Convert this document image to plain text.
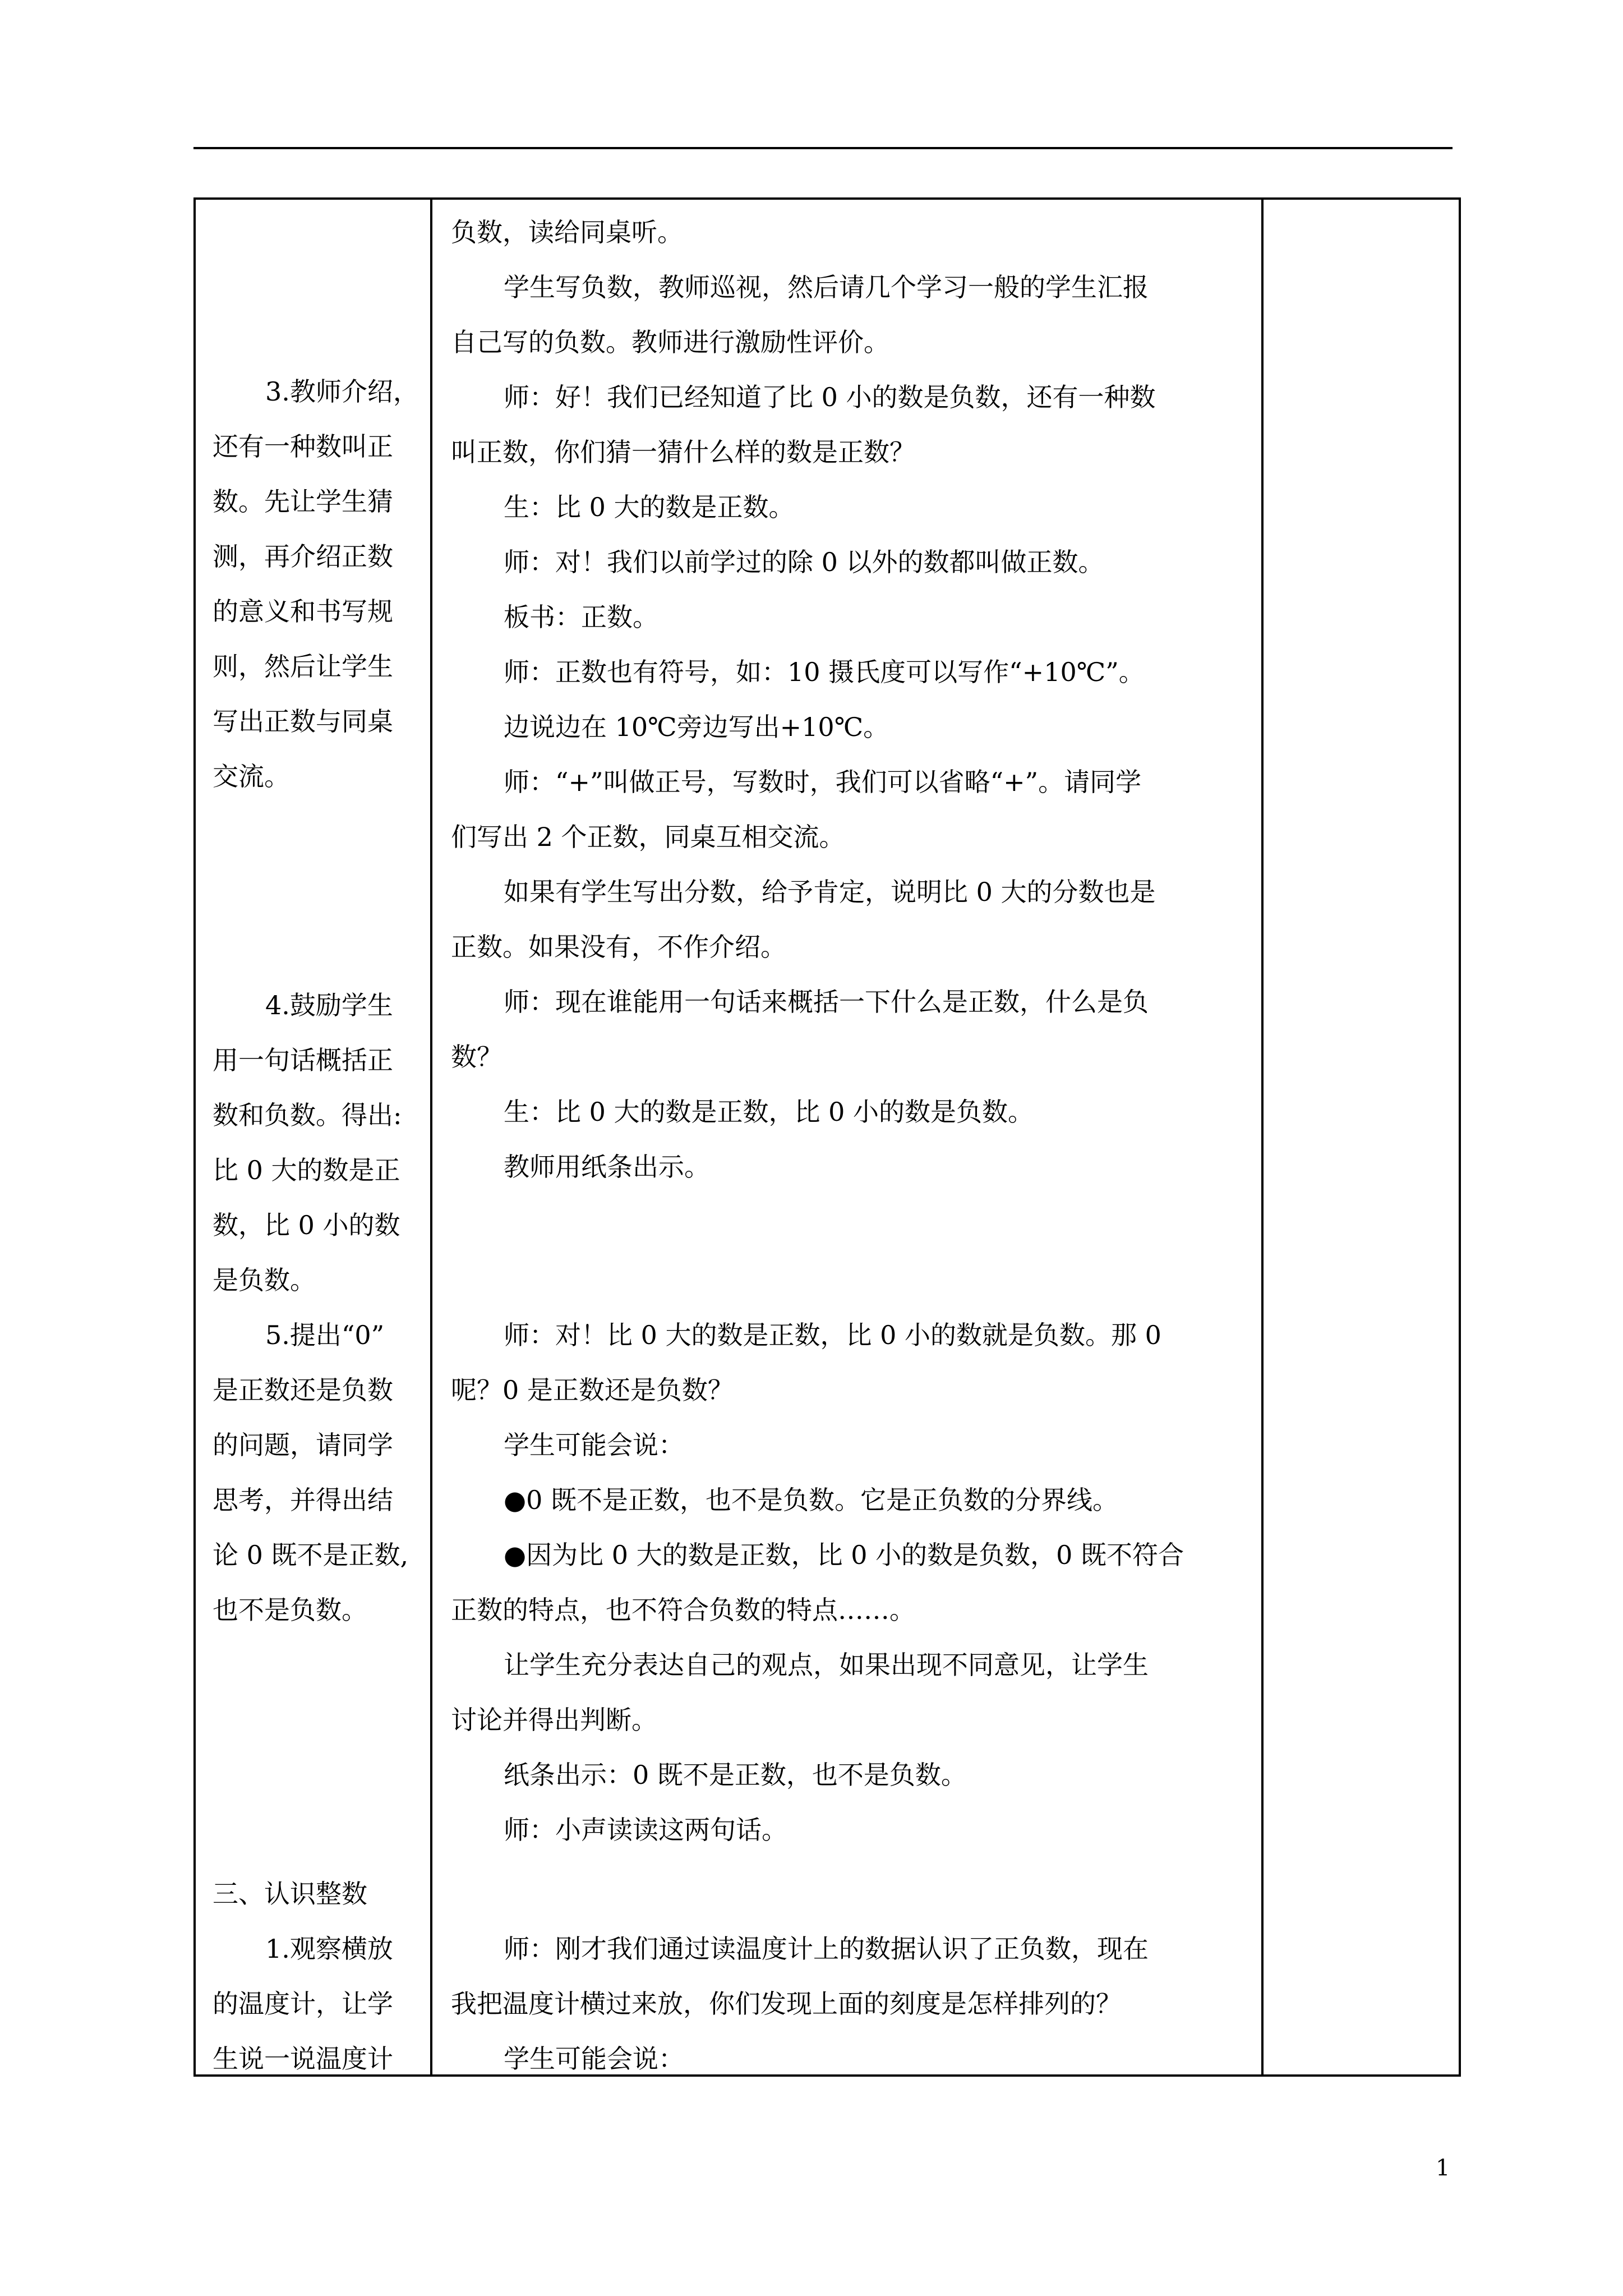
3.教师介绍，
还有一种数叫正
数。先让学生猜
测，再介绍正数
的意义和书写规
则，然后让学生
写出正数与同桌
交流。
4.鼓励学生
用一句话概括正
数和负数。得出:
比 0 大的数是正
数，比 0 小的数
是负数。
5.提出“0”
是正数还是负数
的问题，请同学
思考，并得出结
论 0 既不是正数,
也不是负数。
三、认识整数
1.观察横放
的温度计，让学
生说一说温度计
负数，读给同桌听。
学生写负数，教师巡视，然后请几个学习一般的学生汇报
自己写的负数。教师进行激励性评价。
师：好！我们已经知道了比 0 小的数是负数，还有一种数
叫正数，你们猜一猜什么样的数是正数？
生：比 0 大的数是正数。
师：对！我们以前学过的除 0 以外的数都叫做正数。
板书：正数。
师：正数也有符号，如：10 摄氏度可以写作“+10℃”。
边说边在 10℃旁边写出+10℃。
师：“+”叫做正号，写数时，我们可以省略“+”。请同学
们写出 2 个正数，同桌互相交流。
如果有学生写出分数，给予肯定，说明比 0 大的分数也是
正数。如果没有，不作介绍。
师：现在谁能用一句话来概括一下什么是正数，什么是负
数？
生：比 0 大的数是正数，比 0 小的数是负数。
教师用纸条出示。
师：对！比 0 大的数是正数，比 0 小的数就是负数。那 0
呢？0 是正数还是负数？
学生可能会说：
●0 既不是正数，也不是负数。它是正负数的分界线。
●因为比 0 大的数是正数，比 0 小的数是负数，0 既不符合
正数的特点，也不符合负数的特点……。
让学生充分表达自己的观点，如果出现不同意见，让学生
讨论并得出判断。
纸条出示：0 既不是正数，也不是负数。
师：小声读读这两句话。
师：刚才我们通过读温度计上的数据认识了正负数，现在
我把温度计横过来放，你们发现上面的刻度是怎样排列的？
学生可能会说：
1
